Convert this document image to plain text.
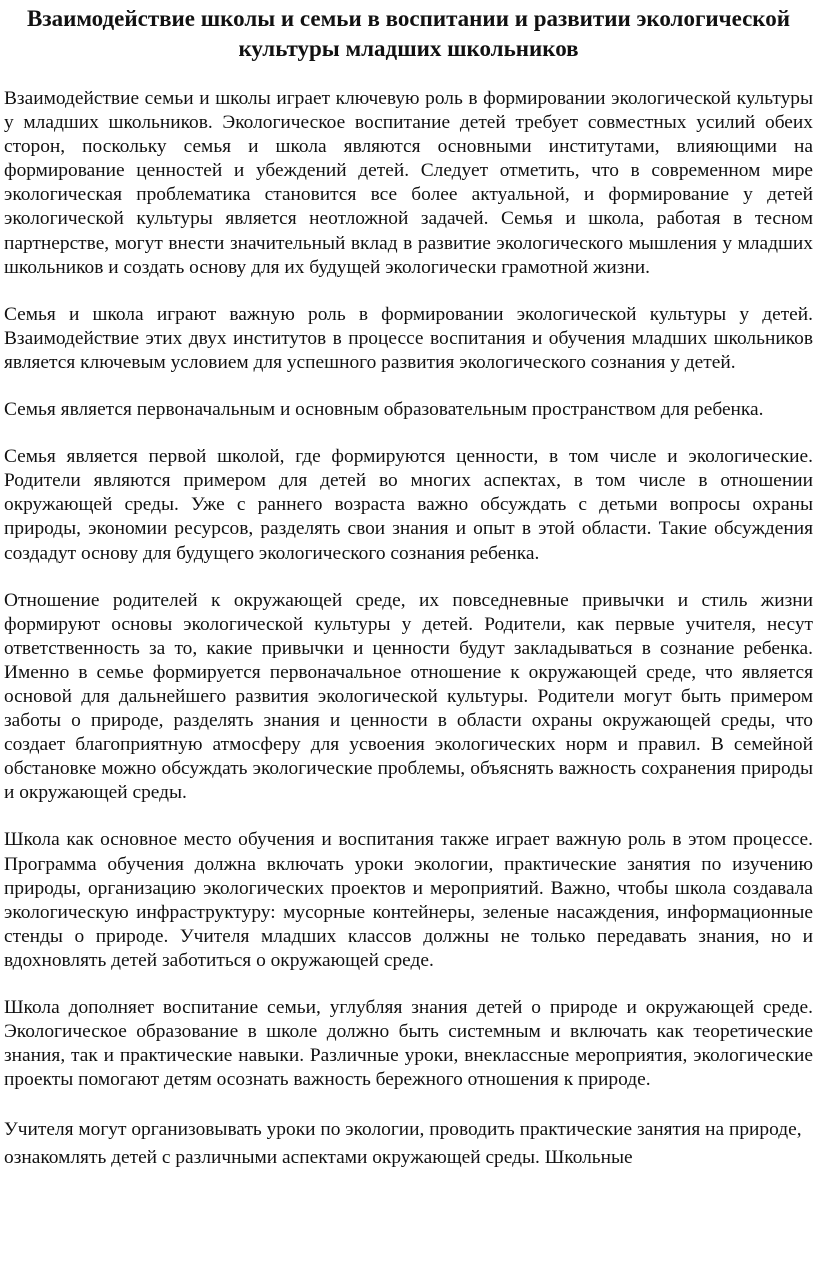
Взаимодействие школы и семьи в воспитании и развитии экологической культуры младших школьников

Взаимодействие семьи и школы играет ключевую роль в формировании экологической культуры у младших школьников. Экологическое воспитание детей требует совместных усилий обеих сторон, поскольку семья и школа являются основными институтами, влияющими на формирование ценностей и убеждений детей. Следует отметить, что в современном мире экологическая проблематика становится все более актуальной, и формирование у детей экологической культуры является неотложной задачей. Семья и школа, работая в тесном партнерстве, могут внести значительный вклад в развитие экологического мышления у младших школьников и создать основу для их будущей экологически грамотной жизни.

Семья и школа играют важную роль в формировании экологической культуры у детей. Взаимодействие этих двух институтов в процессе воспитания и обучения младших школьников является ключевым условием для успешного развития экологического сознания у детей.

Семья является первоначальным и основным образовательным пространством для ребенка.

Семья является первой школой, где формируются ценности, в том числе и экологические. Родители являются примером для детей во многих аспектах, в том числе в отношении окружающей среды. Уже с раннего возраста важно обсуждать с детьми вопросы охраны природы, экономии ресурсов, разделять свои знания и опыт в этой области. Такие обсуждения создадут основу для будущего экологического сознания ребенка.

Отношение родителей к окружающей среде, их повседневные привычки и стиль жизни формируют основы экологической культуры у детей. Родители, как первые учителя, несут ответственность за то, какие привычки и ценности будут закладываться в сознание ребенка. Именно в семье формируется первоначальное отношение к окружающей среде, что является основой для дальнейшего развития экологической культуры. Родители могут быть примером заботы о природе, разделять знания и ценности в области охраны окружающей среды, что создает благоприятную атмосферу для усвоения экологических норм и правил. В семейной обстановке можно обсуждать экологические проблемы, объяснять важность сохранения природы и окружающей среды.

Школа как основное место обучения и воспитания также играет важную роль в этом процессе. Программа обучения должна включать уроки экологии, практические занятия по изучению природы, организацию экологических проектов и мероприятий. Важно, чтобы школа создавала экологическую инфраструктуру: мусорные контейнеры, зеленые насаждения, информационные стенды о природе. Учителя младших классов должны не только передавать знания, но и вдохновлять детей заботиться о окружающей среде.

Школа дополняет воспитание семьи, углубляя знания детей о природе и окружающей среде. Экологическое образование в школе должно быть системным и включать как теоретические знания, так и практические навыки. Различные уроки, внеклассные мероприятия, экологические проекты помогают детям осознать важность бережного отношения к природе.

Учителя могут организовывать уроки по экологии, проводить практические занятия на природе, ознакомлять детей с различными аспектами окружающей среды. Школьные
